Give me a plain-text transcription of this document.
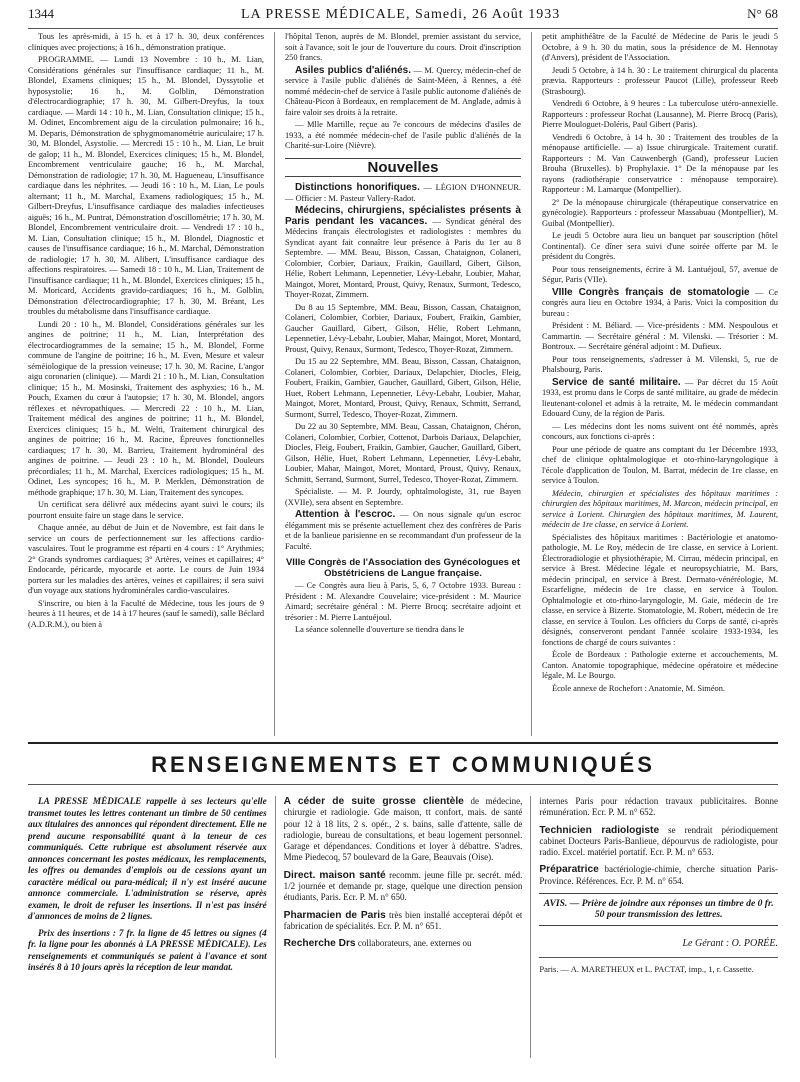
1344	LA PRESSE MÉDICALE, Samedi, 26 Août 1933	N° 68

Tous les après-midi, à 15 h. et à 17 h. 30, deux conférences cliniques avec projections; à 16 h., démonstration pratique.

PROGRAMME. — Lundi 13 Novembre : 10 h., M. Lian, Considérations générales sur l'insuffisance cardiaque; 11 h., M. Blondel, Examens cliniques; 15 h., M. Blondel, Dyssytolie et hyposystolie; 16 h., M. Golblin, Démonstration d'électrocardiographie; 17 h. 30, M. Gilbert-Dreyfus, la toux cardiaque. — Mardi 14 : 10 h., M. Lian, Consultation clinique; 15 h., M. Odinet, Encombrement aigu de la circulation pulmonaire; 16 h., M. Deparis, Démonstration de sphygmomanométrie auriculaire; 17 h. 30, M. Blondel, Asystolie. — Mercredi 15 : 10 h., M. Lian, Le bruit de galop; 11 h., M. Blondel, Exercices cliniques; 15 h., M. Blondel, Encombrement ventriculaire gauche; 16 h., M. Marchal, Démonstration de radiologie; 17 h. 30, M. Hagueneau, L'insuffisance cardiaque dans les néphrites. — Jeudi 16 : 10 h., M. Lian, Le pouls alternant; 11 h., M. Marchal, Examens radiologiques; 15 h., M. Gilbert-Dreyfus, L'insuffisance cardiaque des maladies infectieuses aiguës; 16 h., M. Puntrat, Démonstration d'oscillométrie; 17 h. 30, M. Blondel, Encombrement ventriculaire droit. — Vendredi 17 : 10 h., M. Lian, Consultation clinique; 15 h., M. Blondel, Diagnostic et causes de l'insuffisance cardiaque; 16 h., M. Marchal, Démonstration de radiologie; 17 h. 30, M. Alibert, L'insuffisance cardiaque des affections respiratoires. — Samedi 18 : 10 h., M. Lian, Traitement de l'insuffisance cardiaque; 11 h., M. Blondel, Exercices cliniques; 15 h., M. Moricard, Accidents gravido-cardiaques; 16 h., M. Golblin, Démonstration d'électrocardiographie; 17 h. 30, M. Bréant, Les troubles du métabolisme dans l'insuffisance cardiaque.

Lundi 20 : 10 h., M. Blondel, Considérations générales sur les angines de poitrine; 11 h., M. Lian, Interprétation des électrocardiogrammes de la semaine; 15 h., M. Blondel, Forme commune de l'angine de poitrine; 16 h., M. Even, Mesure et valeur séméiologique de la pression veineuse; 17 h. 30, M. Racine, L'angor aigu coronarien (clinique). — Mardi 21 : 10 h., M. Lian, Consultation clinique; 15 h., M. Mosinski, Traitement des asphyxies; 16 h., M. Pouch, Examen du cœur à l'autopsie; 17 h. 30, M. Blondel, angors réflexes et névropathiques. — Mercredi 22 : 10 h., M. Lian, Traitement médical des angines de poitrine; 11 h., M. Blondel, Exercices cliniques; 15 h., M. Welti, Traitement chirurgical des angines de poitrine; 16 h., M. Racine, Épreuves fonctionnelles cardiaques; 17 h. 30, M. Barrieu, Traitement hydrominéral des angines de poitrine. — Jeudi 23 : 10 h., M. Blondel, Douleurs précordiales; 11 h., M. Marchal, Exercices radiologiques; 15 h., M. Odinet, Les syncopes; 16 h., M. P. Merklen, Démonstration de méthode graphique; 17 h. 30, M. Lian, Traitement des syncopes.

Un certificat sera délivré aux médecins ayant suivi le cours; ils pourront ensuite faire un stage dans le service.

Chaque année, au début de Juin et de Novembre, est fait dans le service un cours de perfectionnement sur les affections cardio-vasculaires. Tout le programme est réparti en 4 cours : 1° Arythmies; 2° Grands syndromes cardiaques; 3° Artères, veines et capillaires; 4° Endocarde, péricarde, myocarde et aorte. Le cours de Juin 1934 portera sur les maladies des artères, veines et capillaires; il sera suivi d'un voyage aux stations hydrominérales cardio-vasculaires.

S'inscrire, ou bien à la Faculté de Médecine, tous les jours de 9 heures à 11 heures, et de 14 à 17 heures (sauf le samedi), salle Béclard (A.D.R.M.), ou bien à

l'hôpital Tenon, auprès de M. Blondel, premier assistant du service, soit à l'avance, soit le jour de l'ouverture du cours. Droit d'inscription 250 francs.

Asiles publics d'aliénés. — M. Quercy, médecin-chef de service à l'asile public d'aliénés de Saint-Méen, à Rennes, a été nommé médecin-chef de service à l'asile public autonome d'aliénés de Château-Picon à Bordeaux, en remplacement de M. Anglade, admis à faire valoir ses droits à la retraite.

— Mlle Martille, reçue au 7e concours de médecins d'asiles de 1933, a été nommée médecin-chef de l'asile public d'aliénés de la Charité-sur-Loire (Nièvre).

Nouvelles

Distinctions honorifiques. — LÉGION D'HONNEUR. — Officier : M. Pasteur Vallery-Radot.

Médecins, chirurgiens, spécialistes présents à Paris pendant les vacances. — Syndicat général des Médecins français électrologistes et radiologistes : membres du Syndicat ayant fait connaître leur présence à Paris du 1er au 8 Septembre. — MM. Beau, Bisson, Cassan, Chataignon, Colaneri, Colombier, Corbier, Dariaux, Fraikin, Gauillard, Gibert, Gilson, Hélie, Robert Lehmann, Lepennetier, Lévy-Lebahr, Loubier, Mahar, Maingot, Moret, Montard, Proust, Quivy, Renaux, Surmont, Tedesco, Thoyer-Rozat, Zimmern.

Du 8 au 15 Septembre, MM. Beau, Bisson, Cassan, Chataignon, Colaneri, Colombier, Corbier, Dariaux, Foubert, Fraikin, Gambier, Gaucher Gauillard, Gibert, Gilson, Hélie, Robert Lehmann, Lepennetier, Lévy-Lebahr, Loubier, Mahar, Maingot, Moret, Montard, Proust, Quivy, Renaux, Surmont, Tedesco, Thoyer-Rozat, Zimmern.

Du 15 au 22 Septembre, MM. Beau, Bisson, Cassan, Chataignon, Colaneri, Colombier, Corbier, Dariaux, Delapchier, Diocles, Fleig, Foubert, Fraikin, Gambier, Gaucher, Gauillard, Gibert, Gilson, Hélie, Huet, Robert Lehmann, Lepennetier, Lévy-Lebahr, Loubier, Mahar, Maingot, Moret, Montard, Proust, Quivy, Renaux, Schmitt, Serrand, Surmont, Surrel, Tedesco, Thoyer-Rozat, Zimmern.

Du 22 au 30 Septembre, MM. Beau, Cassan, Chataignon, Chéron, Colaneri, Colombier, Corbier, Cottenot, Darbois Dariaux, Delapchier, Diocles, Fleig, Foubert, Fraikin, Gambier, Gaucher, Gauillard, Gibert, Gilson, Hélie, Huet, Robert Lehmann, Lepennetier, Lévy-Lebahr, Loubier, Mahar, Maingot, Moret, Montard, Proust, Quivy, Renaux, Schmitt, Serrand, Surmont, Surrel, Tedesco, Thoyer-Rozat, Zimmern.

Spécialiste. — M. P. Jourdy, ophtalmologiste, 31, rue Bayen (XVIIe), sera absent en Septembre.

Attention à l'escroc. — On nous signale qu'un escroc élégamment mis se présente actuellement chez des confrères de Paris et de la banlieue parisienne en se recommandant d'un professeur de la Faculté.

VIIIe Congrès de l'Association des Gynécologues et Obstétriciens de Langue française.

— Ce Congrès aura lieu à Paris, 5, 6, 7 Octobre 1933. Bureau : Président : M. Alexandre Couvelaire; vice-président : M. Maurice Aimard; secrétaire général : M. Pierre Brocq; secrétaire adjoint et trésorier : M. Pierre Lantuéjoul.

La séance solennelle d'ouverture se tiendra dans le

petit amphithéâtre de la Faculté de Médecine de Paris le jeudi 5 Octobre, à 9 h. 30 du matin, sous la présidence de M. Hennotay (d'Anvers), président de l'Association.

Jeudi 5 Octobre, à 14 h. 30 : Le traitement chirurgical du placenta prævia. Rapporteurs : professeur Paucot (Lille), professeur Reeb (Strasbourg).

Vendredi 6 Octobre, à 9 heures : La tuberculose utéro-annexielle. Rapporteurs : professeur Rochat (Lausanne), M. Pierre Brocq (Paris), Pierre Mouloguet-Doléris, Paul Gibert (Paris).

Vendredi 6 Octobre, à 14 h. 30 : Traitement des troubles de la ménopause artificielle. — a) Issue chirurgicale. Traitement curatif. Rapporteurs : M. Van Cauwenbergh (Gand), professeur Lucien Brouha (Bruxelles). b) Prophylaxie. 1° De la ménopause par les rayons (radiothérapie conservatrice : ménopause temporaire). Rapporteur : M. Lamarque (Montpellier).

2° De la ménopause chirurgicale (thérapeutique conservatrice en gynécologie). Rapporteurs : professeur Massabuau (Montpellier), M. Guibal (Montpellier).

Le jeudi 5 Octobre aura lieu un banquet par souscription (hôtel Continental). Ce dîner sera suivi d'une soirée offerte par M. le président du Congrès.

Pour tous renseignements, écrire à M. Lantuéjoul, 57, avenue de Ségur, Paris (VIIe).

VIIIe Congrès français de stomatologie — Ce congrès aura lieu en Octobre 1934, à Paris. Voici la composition du bureau :

Président : M. Béliard. — Vice-présidents : MM. Nespoulous et Cammartin. — Secrétaire général : M. Vilenski. — Trésorier : M. Bontroux. — Secrétaire général adjoint : M. Dufieux.

Pour tous renseignements, s'adresser à M. Vilenski, 5, rue de Phalsbourg, Paris.

Service de santé militaire. — Par décret du 15 Août 1933, est promu dans le Corps de santé militaire, au grade de médecin lieutenant-colonel et admis à la retraite, M. le médecin commandant Edouard Cuny, de la région de Paris.

— Les médecins dont les noms suivent ont été nommés, après concours, aux fonctions ci-après :

Pour une période de quatre ans comptant du 1er Décembre 1933, chef de clinique ophtalmologique et oto-rhino-laryngologique à l'école d'application de Toulon, M. Barrat, médecin de 1re classe, en service à Toulon.

Médecin, chirurgien et spécialistes des hôpitaux maritimes : chirurgien des hôpitaux maritimes, M. Marcon, médecin principal, en service à Lorient. Chirurgien des hôpitaux maritimes, M. Laurent, médecin de 1re classe, en service à Lorient.

Spécialistes des hôpitaux maritimes : Bactériologie et anatomo-pathologie, M. Le Roy, médecin de 1re classe, en service à Lorient. Électroradiologie et physiothérapie, M. Cirrau, médecin principal, en service à Brest. Médecine légale et neuropsychiatrie, M. Bars, médecin principal, en service à Brest. Dermato-vénéréologie, M. Escarfeligne, médecin de 1re classe, en service à Toulon. Ophtalmologie et oto-rhino-laryngologie, M. Gaie, médecin de 1re classe, en service à Bizerte. Stomatologie, M. Robert, médecin de 1re classe, en service à Toulon. Les officiers du Corps de santé, ci-après désignés, conserveront pendant l'année scolaire 1933-1934, les fonctions de chargé de cours suivantes :

École de Bordeaux : Pathologie externe et accouchements, M. Canton. Anatomie topographique, médecine opératoire et médecine légale, M. Le Bourgo.

École annexe de Rochefort : Anatomie, M. Siméon.

RENSEIGNEMENTS ET COMMUNIQUÉS

LA PRESSE MÉDICALE rappelle à ses lecteurs qu'elle transmet toutes les lettres contenant un timbre de 50 centimes aux titulaires des annonces qui répondent directement. Elle ne prend aucune responsabilité quant à la teneur de ces communiqués. Cette rubrique est absolument réservée aux annonces concernant les postes médicaux, les remplacements, les offres ou demandes d'emplois ou de cessions ayant un caractère médical ou para-médical; il n'y est inséré aucune annonce commerciale. L'administration se réserve, après examen, le droit de refuser les insertions. Il n'est pas inséré d'annonces de moins de 2 lignes.

Prix des insertions : 7 fr. la ligne de 45 lettres ou signes (4 fr. la ligne pour les abonnés à LA PRESSE MÉDICALE). Les renseignements et communiqués se paient à l'avance et sont insérés 8 à 10 jours après la réception de leur mandat.

A céder de suite grosse clientèle de médecine, chirurgie et radiologie. Gde maison, tt confort, mais. de santé pour 12 à 18 lits, 2 s. opér., 2 s. bains, salle d'attente, salle de radiologie, bureau de consultations, et beau logement personnel. Garage et dépendances. Conditions et loyer à débattre. S'adres. Mme Piedecoq, 57 boulevard de la Gare, Beauvais (Oise).

Direct. maison santé recomm. jeune fille pr. secrét. méd. 1/2 journée et demande pr. stage, quelque une direction pension étudiants, Paris. Ecr. P. M. n° 650.

Pharmacien de Paris très bien installé accepterai dépôt et fabrication de spécialités. Ecr. P. M. n° 651.

Recherche Drs collaborateurs, ane. externes ou

internes Paris pour rédaction travaux publicitaires. Bonne rémunération. Ecr. P. M. n° 652.

Technicien radiologiste se rendrait périodiquement cabinet Docteurs Paris-Banlieue, dépourvus de radiologiste, pour radio. Excel. matériel portatif. Ecr. P. M. n° 653.

Préparatrice bactériologie-chimie, cherche situation Paris-Province. Références. Ecr. P. M. n° 654.

AVIS. — Prière de joindre aux réponses un timbre de 0 fr. 50 pour transmission des lettres.
Le Gérant : O. PORÉE.
Paris. — A. MARETHEUX et L. PACTAT, imp., 1, r. Cassette.
